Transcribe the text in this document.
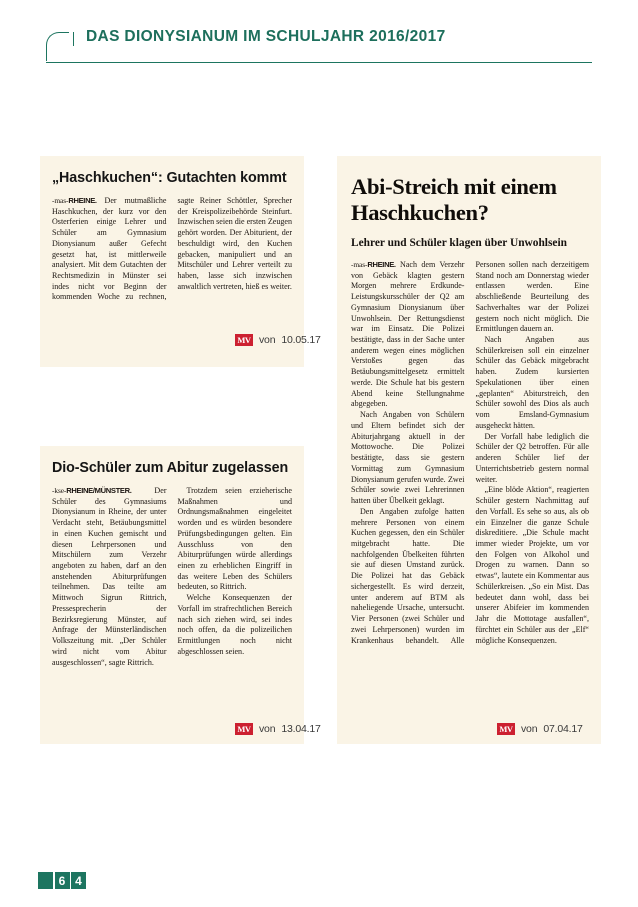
DAS DIONYSIANUM IM SCHULJAHR 2016/2017
„Haschkuchen“: Gutachten kommt

-mas-RHEINE. Der mutmaßliche Haschkuchen, der kurz vor den Osterferien einige Lehrer und Schüler am Gymnasium Dionysianum außer Gefecht gesetzt hat, ist mittlerweile analysiert. Mit dem Gutachten der Rechtsmedizin in Münster sei indes nicht vor Beginn der kommenden Woche zu rechnen, sagte Reiner Schöttler, Sprecher der Kreispolizeibehörde Steinfurt. Inzwischen seien die ersten Zeugen gehört worden. Der Abiturient, der beschuldigt wird, den Kuchen gebacken, manipuliert und an Mitschüler und Lehrer verteilt zu haben, lasse sich inzwischen anwaltlich vertreten, hieß es weiter.

MV von 10.05.17
Dio-Schüler zum Abitur zugelassen

-kse-RHEINE/MÜNSTER. Der Schüler des Gymnasiums Dionysianum in Rheine, der unter Verdacht steht, Betäubungsmittel in einen Kuchen gemischt und diesen Lehrpersonen und Mitschülern zum Verzehr angeboten zu haben, darf an den anstehenden Abiturprüfungen teilnehmen. Das teilte am Mittwoch Sigrun Rittrich, Pressesprecherin der Bezirksregierung Münster, auf Anfrage der Münsterländischen Volkszeitung mit. „Der Schüler wird nicht vom Abitur ausgeschlossen“, sagte Rittrich.

Trotzdem seien erzieherische Maßnahmen und Ordnungsmaßnahmen eingeleitet worden und es würden besondere Prüfungsbedingungen gelten. Ein Ausschluss von den Abiturprüfungen würde allerdings einen zu erheblichen Eingriff in das weitere Leben des Schülers bedeuten, so Rittrich.

Welche Konsequenzen der Vorfall im strafrechtlichen Bereich nach sich ziehen wird, sei indes noch offen, da die polizeilichen Ermittlungen noch nicht abgeschlossen seien.

MV von 13.04.17
Abi-Streich mit einem Haschkuchen?
Lehrer und Schüler klagen über Unwohlsein

-mas-RHEINE. Nach dem Verzehr von Gebäck klagten gestern Morgen mehrere Erdkunde-Leistungskursschüler der Q2 am Gymnasium Dionysianum über Unwohlsein. Der Rettungsdienst war im Einsatz. Die Polizei bestätigte, dass in der Sache unter anderem wegen eines möglichen Verstoßes gegen das Betäubungsmittelgesetz ermittelt werde. Die Schule hat bis gestern Abend keine Stellungnahme abgegeben.

Nach Angaben von Schülern und Eltern befindet sich der Abiturjahrgang aktuell in der Mottowoche. Die Polizei bestätigte, dass sie gestern Vormittag zum Gymnasium Dionysianum gerufen wurde. Zwei Schüler sowie zwei Lehrerinnen hatten über Übelkeit geklagt.

Den Angaben zufolge hatten mehrere Personen von einem Kuchen gegessen, den ein Schüler mitgebracht hatte. Die nachfolgenden Übelkeiten führten sie auf diesen Umstand zurück. Die Polizei hat das Gebäck sichergestellt. Es wird derzeit, unter anderem auf BTM als naheliegende Ursache, untersucht. Vier Personen (zwei Schüler und zwei Lehrpersonen) wurden im Krankenhaus behandelt. Alle Personen sollen nach derzeitigem Stand noch am Donnerstag wieder entlassen werden. Eine abschließende Beurteilung des Sachverhaltes war der Polizei gestern noch nicht möglich. Die Ermittlungen dauern an.

Nach Angaben aus Schülerkreisen soll ein einzelner Schüler das Gebäck mitgebracht haben. Zudem kursierten Spekulationen über einen „geplanten“ Abiturstreich, den Schüler sowohl des Dios als auch vom Emsland-Gymnasium ausgeheckt hätten.

Der Vorfall habe lediglich die Schüler der Q2 betroffen. Für alle anderen Schüler lief der Unterrichtsbetrieb gestern normal weiter.

„Eine blöde Aktion“, reagierten Schüler gestern Nachmittag auf den Vorfall. Es sehe so aus, als ob ein Einzelner die ganze Schule diskreditiere. „Die Schule macht immer wieder Projekte, um vor den Folgen von Alkohol und Drogen zu warnen. Dann so etwas“, lautete ein Kommentar aus Schülerkreisen. „So ein Mist. Das bedeutet dann wohl, dass bei unserer Abifeier im kommenden Jahr die Mottotage ausfallen“, fürchtet ein Schüler aus der „Elf“ mögliche Konsequenzen.

MV von 07.04.17
6 4
